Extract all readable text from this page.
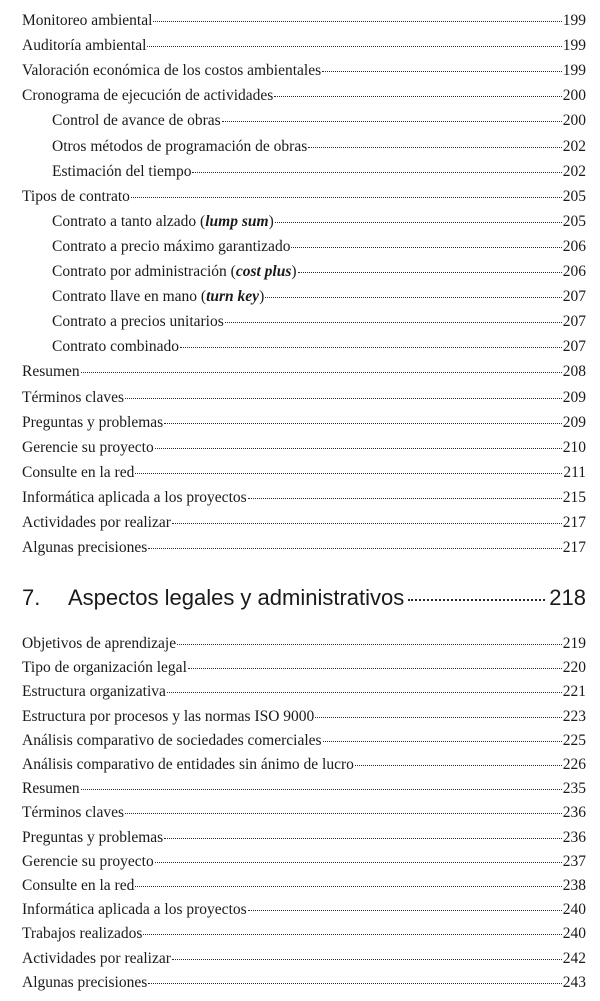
Monitoreo ambiental	199
Auditoría ambiental	199
Valoración económica de los costos ambientales	199
Cronograma de ejecución de actividades	200
Control de avance de obras	200
Otros métodos de programación de obras	202
Estimación del tiempo	202
Tipos de contrato	205
Contrato a tanto alzado (lump sum)	205
Contrato a precio máximo garantizado	206
Contrato por administración (cost plus)	206
Contrato llave en mano (turn key)	207
Contrato a precios unitarios	207
Contrato combinado	207
Resumen	208
Términos claves	209
Preguntas y problemas	209
Gerencie su proyecto	210
Consulte en la red	211
Informática aplicada a los proyectos	215
Actividades por realizar	217
Algunas precisiones	217
7.	Aspectos legales y administrativos	218
Objetivos de aprendizaje	219
Tipo de organización legal	220
Estructura organizativa	221
Estructura por procesos y las normas ISO 9000	223
Análisis comparativo de sociedades comerciales	225
Análisis comparativo de entidades sin ánimo de lucro	226
Resumen	235
Términos claves	236
Preguntas y problemas	236
Gerencie su proyecto	237
Consulte en la red	238
Informática aplicada a los proyectos	240
Trabajos realizados	240
Actividades por realizar	242
Algunas precisiones	243
